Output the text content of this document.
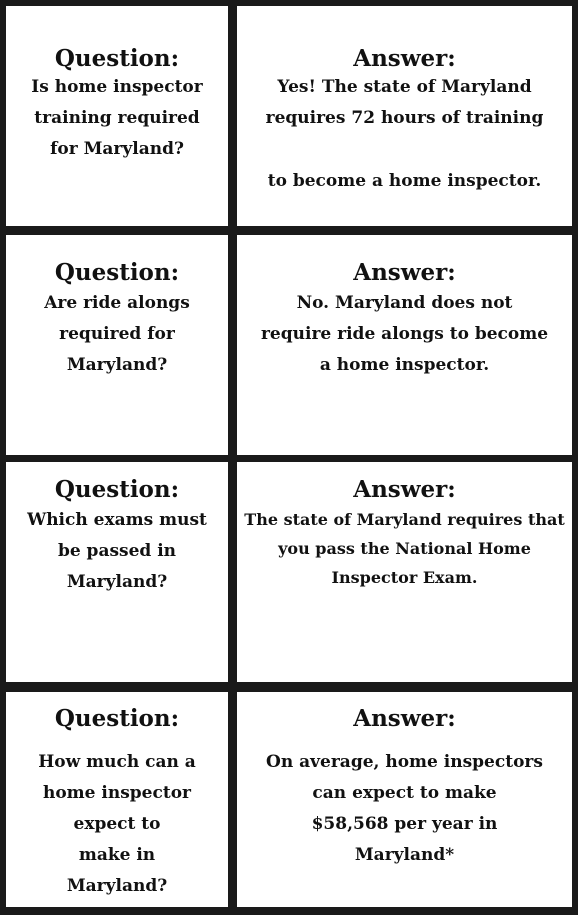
Question:
Is home inspector
training required
for Maryland?
Answer:
Yes! The state of Maryland
requires 72 hours of training
to become a home inspector.
Question:
Are ride alongs
required for
Maryland?
Answer:
No. Maryland does not
require ride alongs to become
a home inspector.
Question:
Which exams must
be passed in
Maryland?
Answer:
The state of Maryland requires that
you pass the National Home
Inspector Exam.
Question:
How much can a
home inspector
expect to
make in
Maryland?
Answer:
On average, home inspectors
can expect to make
$58,568 per year in
Maryland*
